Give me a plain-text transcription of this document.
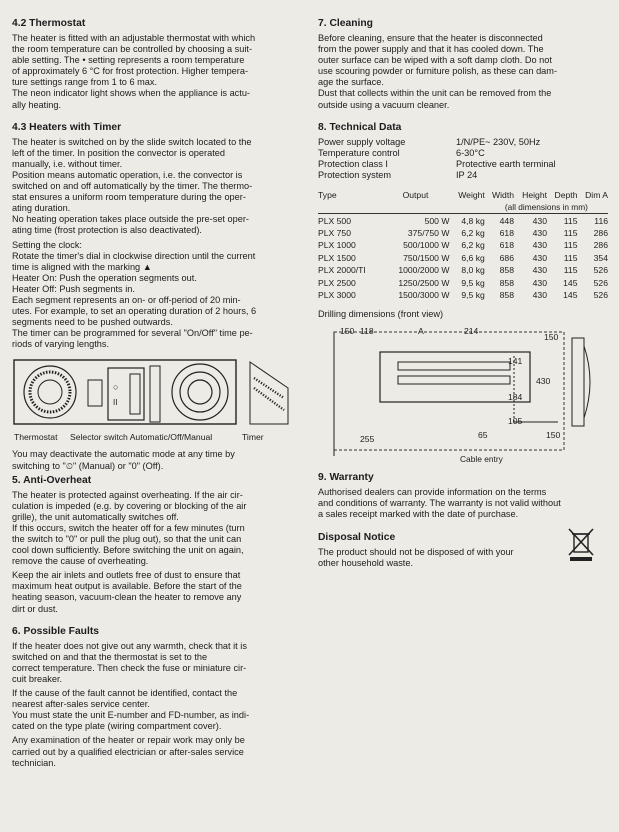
4.2 Thermostat
The heater is fitted with an adjustable thermostat with which
the room temperature can be controlled by choosing a suit-
able setting. The • setting represents a room temperature
of approximately 6 °C for frost protection. Higher tempera-
ture settings range from 1 to 6 max.
The neon indicator light shows when the appliance is actu-
ally heating.
4.3 Heaters with Timer
The heater is switched on by the slide switch located to the
left of the timer. In position the convector is operated
manually, i.e. without timer.
Position means automatic operation, i.e. the convector is
switched on and off automatically by the timer. The thermo-
stat ensures a uniform room temperature during the oper-
ating duration.
No heating operation takes place outside the pre-set oper-
ating time (frost protection is also deactivated).
Setting the clock:
Rotate the timer's dial in clockwise direction until the current
time is aligned with the marking ▲
Heater On: Push the operation segments out.
Heater Off: Push segments in.
Each segment represents an on- or off-period of 20 min-
utes. For example, to set an operating duration of 2 hours, 6
segments need to be pushed outwards.
The timer can be programmed for several "On/Off" time pe-
riods of varying lengths.
○
II
Thermostat Selector switch Automatic/Off/Manual	Timer
You may deactivate the automatic mode at any time by
switching to "⏲" (Manual) or "0" (Off).
5. Anti-Overheat
The heater is protected against overheating. If the air cir-
culation is impeded (e.g. by covering or blocking of the air
grille), the unit automatically switches off.
If this occurs, switch the heater off for a few minutes (turn
the switch to "0" or pull the plug out), so that the unit can
cool down sufficiently. Before switching the unit on again,
remove the cause of overheating.
Keep the air inlets and outlets free of dust to ensure that
maximum heat output is available. Before the start of the
heating season, vacuum-clean the heater to remove any
dirt or dust.
6. Possible Faults
If the heater does not give out any warmth, check that it is
switched on and that the thermostat is set to the
correct temperature. Then check the fuse or miniature cir-
cuit breaker.
If the cause of the fault cannot be identified, contact the
nearest after-sales service center.
You must state the unit E-number and FD-number, as indi-
cated on the type plate (wiring compartment cover).
Any examination of the heater or repair work may only be
carried out by a qualified electrician or after-sales service
technician.
7. Cleaning
Before cleaning, ensure that the heater is disconnected
from the power supply and that it has cooled down. The
outer surface can be wiped with a soft damp cloth. Do not
use scouring powder or furniture polish, as these can dam-
age the surface.
Dust that collects within the unit can be removed from the
outside using a vacuum cleaner.
8. Technical Data
Power supply voltage	1/N/PE~ 230V, 50Hz
Temperature control	6-30°C
Protection class I	Protective earth terminal
Protection system	IP 24
Type	Output	Weight	Width	Height	Depth	Dim A
			(all dimensions in mm)			
PLX 500	500 W	4,8 kg	448	430	115	116
PLX 750	375/750 W	6,2 kg	618	430	115	286
PLX 1000	500/1000 W	6,2 kg	618	430	115	286
PLX 1500	750/1500 W	6,6 kg	686	430	115	354
PLX 2000/TI	1000/2000 W	8,0 kg	858	430	115	526
PLX 2500	1250/2500 W	9,5 kg	858	430	145	526
PLX 3000	1500/3000 W	9,5 kg	858	430	145	526
Drilling dimensions (front view)
150 118	A	214
150
141
430
184
105
255	65	150
Cable entry
9. Warranty
Authorised dealers can provide information on the terms
and conditions of warranty. The warranty is not valid without
a sales receipt marked with the date of purchase.
Disposal Notice
The product should not be disposed of with your
other household waste.
